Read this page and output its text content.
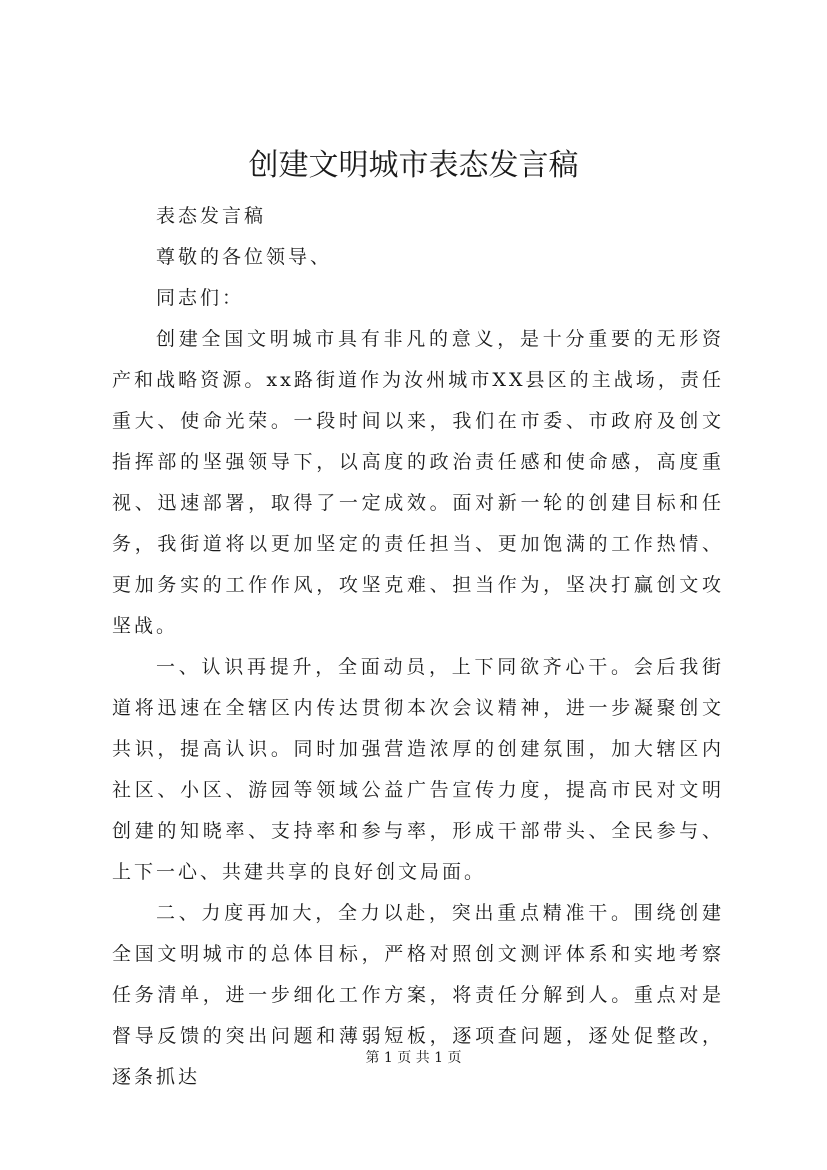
创建文明城市表态发言稿

表态发言稿

尊敬的各位领导、

同志们：

创建全国文明城市具有非凡的意义，是十分重要的无形资产和战略资源。xx路街道作为汝州城市XX县区的主战场，责任重大、使命光荣。一段时间以来，我们在市委、市政府及创文指挥部的坚强领导下，以高度的政治责任感和使命感，高度重视、迅速部署，取得了一定成效。面对新一轮的创建目标和任务，我街道将以更加坚定的责任担当、更加饱满的工作热情、更加务实的工作作风，攻坚克难、担当作为，坚决打赢创文攻坚战。

一、认识再提升，全面动员，上下同欲齐心干。会后我街道将迅速在全辖区内传达贯彻本次会议精神，进一步凝聚创文共识，提高认识。同时加强营造浓厚的创建氛围，加大辖区内社区、小区、游园等领域公益广告宣传力度，提高市民对文明创建的知晓率、支持率和参与率，形成干部带头、全民参与、上下一心、共建共享的良好创文局面。

二、力度再加大，全力以赴，突出重点精准干。围绕创建全国文明城市的总体目标，严格对照创文测评体系和实地考察任务清单，进一步细化工作方案，将责任分解到人。重点对是督导反馈的突出问题和薄弱短板，逐项查问题，逐处促整改，逐条抓达

第 1 页 共 1 页
